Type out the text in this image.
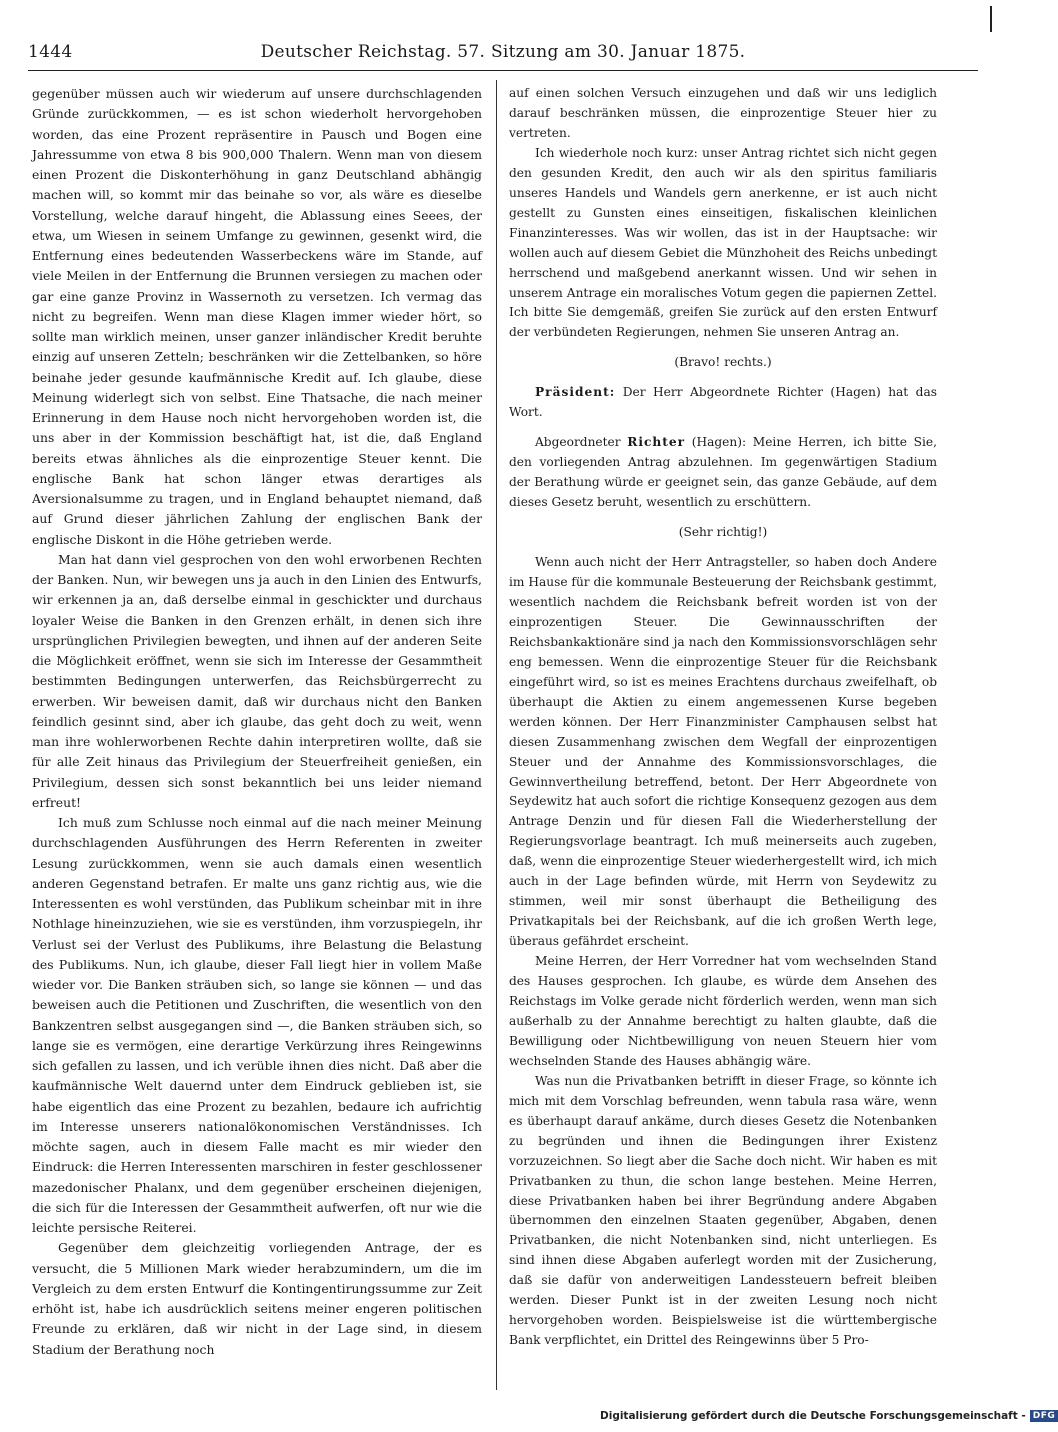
1444	Deutscher Reichstag. 57. Sitzung am 30. Januar 1875.

gegenüber müssen auch wir wiederum auf unsere durchschlagenden Gründe zurückkommen, — es ist schon wiederholt hervorgehoben worden, das eine Prozent repräsentire in Pausch und Bogen eine Jahressumme von etwa 8 bis 900,000 Thalern. Wenn man von diesem einen Prozent die Diskonterhöhung in ganz Deutschland abhängig machen will, so kommt mir das beinahe so vor, als wäre es dieselbe Vorstellung, welche darauf hingeht, die Ablassung eines Seees, der etwa, um Wiesen in seinem Umfange zu gewinnen, gesenkt wird, die Entfernung eines bedeutenden Wasserbeckens wäre im Stande, auf viele Meilen in der Entfernung die Brunnen versiegen zu machen oder gar eine ganze Provinz in Wassernoth zu versetzen. Ich vermag das nicht zu begreifen. Wenn man diese Klagen immer wieder hört, so sollte man wirklich meinen, unser ganzer inländischer Kredit beruhte einzig auf unseren Zetteln; beschränken wir die Zettelbanken, so höre beinahe jeder gesunde kaufmännische Kredit auf. Ich glaube, diese Meinung widerlegt sich von selbst. Eine Thatsache, die nach meiner Erinnerung in dem Hause noch nicht hervorgehoben worden ist, die uns aber in der Kommission beschäftigt hat, ist die, daß England bereits etwas ähnliches als die einprozentige Steuer kennt. Die englische Bank hat schon länger etwas derartiges als Aversionalsumme zu tragen, und in England behauptet niemand, daß auf Grund dieser jährlichen Zahlung der englischen Bank der englische Diskont in die Höhe getrieben werde.

Man hat dann viel gesprochen von den wohl erworbenen Rechten der Banken. Nun, wir bewegen uns ja auch in den Linien des Entwurfs, wir erkennen ja an, daß derselbe einmal in geschickter und durchaus loyaler Weise die Banken in den Grenzen erhält, in denen sich ihre ursprünglichen Privilegien bewegten, und ihnen auf der anderen Seite die Möglichkeit eröffnet, wenn sie sich im Interesse der Gesammtheit bestimmten Bedingungen unterwerfen, das Reichsbürgerrecht zu erwerben. Wir beweisen damit, daß wir durchaus nicht den Banken feindlich gesinnt sind, aber ich glaube, das geht doch zu weit, wenn man ihre wohlerworbenen Rechte dahin interpretiren wollte, daß sie für alle Zeit hinaus das Privilegium der Steuerfreiheit genießen, ein Privilegium, dessen sich sonst bekanntlich bei uns leider niemand erfreut!

Ich muß zum Schlusse noch einmal auf die nach meiner Meinung durchschlagenden Ausführungen des Herrn Referenten in zweiter Lesung zurückkommen, wenn sie auch damals einen wesentlich anderen Gegenstand betrafen. Er malte uns ganz richtig aus, wie die Interessenten es wohl verstünden, das Publikum scheinbar mit in ihre Nothlage hineinzuziehen, wie sie es verstünden, ihm vorzuspiegeln, ihr Verlust sei der Verlust des Publikums, ihre Belastung die Belastung des Publikums. Nun, ich glaube, dieser Fall liegt hier in vollem Maße wieder vor. Die Banken sträuben sich, so lange sie können — und das beweisen auch die Petitionen und Zuschriften, die wesentlich von den Bankzentren selbst ausgegangen sind —, die Banken sträuben sich, so lange sie es vermögen, eine derartige Verkürzung ihres Reingewinns sich gefallen zu lassen, und ich verüble ihnen dies nicht. Daß aber die kaufmännische Welt dauernd unter dem Eindruck geblieben ist, sie habe eigentlich das eine Prozent zu bezahlen, bedaure ich aufrichtig im Interesse unserers nationalökonomischen Verständnisses. Ich möchte sagen, auch in diesem Falle macht es mir wieder den Eindruck: die Herren Interessenten marschiren in fester geschlossener mazedonischer Phalanx, und dem gegenüber erscheinen diejenigen, die sich für die Interessen der Gesammtheit aufwerfen, oft nur wie die leichte persische Reiterei.

Gegenüber dem gleichzeitig vorliegenden Antrage, der es versucht, die 5 Millionen Mark wieder herabzumindern, um die im Vergleich zu dem ersten Entwurf die Kontingentirungssumme zur Zeit erhöht ist, habe ich ausdrücklich seitens meiner engeren politischen Freunde zu erklären, daß wir nicht in der Lage sind, in diesem Stadium der Berathung noch

auf einen solchen Versuch einzugehen und daß wir uns lediglich darauf beschränken müssen, die einprozentige Steuer hier zu vertreten.

Ich wiederhole noch kurz: unser Antrag richtet sich nicht gegen den gesunden Kredit, den auch wir als den spiritus familiaris unseres Handels und Wandels gern anerkenne, er ist auch nicht gestellt zu Gunsten eines einseitigen, fiskalischen kleinlichen Finanzinteresses. Was wir wollen, das ist in der Hauptsache: wir wollen auch auf diesem Gebiet die Münzhoheit des Reichs unbedingt herrschend und maßgebend anerkannt wissen. Und wir sehen in unserem Antrage ein moralisches Votum gegen die papiernen Zettel. Ich bitte Sie demgemäß, greifen Sie zurück auf den ersten Entwurf der verbündeten Regierungen, nehmen Sie unseren Antrag an.

(Bravo! rechts.)

Präsident: Der Herr Abgeordnete Richter (Hagen) hat das Wort.

Abgeordneter Richter (Hagen): Meine Herren, ich bitte Sie, den vorliegenden Antrag abzulehnen. Im gegenwärtigen Stadium der Berathung würde er geeignet sein, das ganze Gebäude, auf dem dieses Gesetz beruht, wesentlich zu erschüttern.

(Sehr richtig!)

Wenn auch nicht der Herr Antragsteller, so haben doch Andere im Hause für die kommunale Besteuerung der Reichsbank gestimmt, wesentlich nachdem die Reichsbank befreit worden ist von der einprozentigen Steuer. Die Gewinnausschriften der Reichsbankaktionäre sind ja nach den Kommissionsvorschlägen sehr eng bemessen. Wenn die einprozentige Steuer für die Reichsbank eingeführt wird, so ist es meines Erachtens durchaus zweifelhaft, ob überhaupt die Aktien zu einem angemessenen Kurse begeben werden können. Der Herr Finanzminister Camphausen selbst hat diesen Zusammenhang zwischen dem Wegfall der einprozentigen Steuer und der Annahme des Kommissionsvorschlages, die Gewinnvertheilung betreffend, betont. Der Herr Abgeordnete von Seydewitz hat auch sofort die richtige Konsequenz gezogen aus dem Antrage Denzin und für diesen Fall die Wiederherstellung der Regierungsvorlage beantragt. Ich muß meinerseits auch zugeben, daß, wenn die einprozentige Steuer wiederhergestellt wird, ich mich auch in der Lage befinden würde, mit Herrn von Seydewitz zu stimmen, weil mir sonst überhaupt die Betheiligung des Privatkapitals bei der Reichsbank, auf die ich großen Werth lege, überaus gefährdet erscheint.

Meine Herren, der Herr Vorredner hat vom wechselnden Stand des Hauses gesprochen. Ich glaube, es würde dem Ansehen des Reichstags im Volke gerade nicht förderlich werden, wenn man sich außerhalb zu der Annahme berechtigt zu halten glaubte, daß die Bewilligung oder Nichtbewilligung von neuen Steuern hier vom wechselnden Stande des Hauses abhängig wäre.

Was nun die Privatbanken betrifft in dieser Frage, so könnte ich mich mit dem Vorschlag befreunden, wenn tabula rasa wäre, wenn es überhaupt darauf ankäme, durch dieses Gesetz die Notenbanken zu begründen und ihnen die Bedingungen ihrer Existenz vorzuzeichnen. So liegt aber die Sache doch nicht. Wir haben es mit Privatbanken zu thun, die schon lange bestehen. Meine Herren, diese Privatbanken haben bei ihrer Begründung andere Abgaben übernommen den einzelnen Staaten gegenüber, Abgaben, denen Privatbanken, die nicht Notenbanken sind, nicht unterliegen. Es sind ihnen diese Abgaben auferlegt worden mit der Zusicherung, daß sie dafür von anderweitigen Landessteuern befreit bleiben werden. Dieser Punkt ist in der zweiten Lesung noch nicht hervorgehoben worden. Beispielsweise ist die württembergische Bank verpflichtet, ein Drittel des Reingewinns über 5 Pro-

Digitalisierung gefördert durch die Deutsche Forschungsgemeinschaft - DFG
